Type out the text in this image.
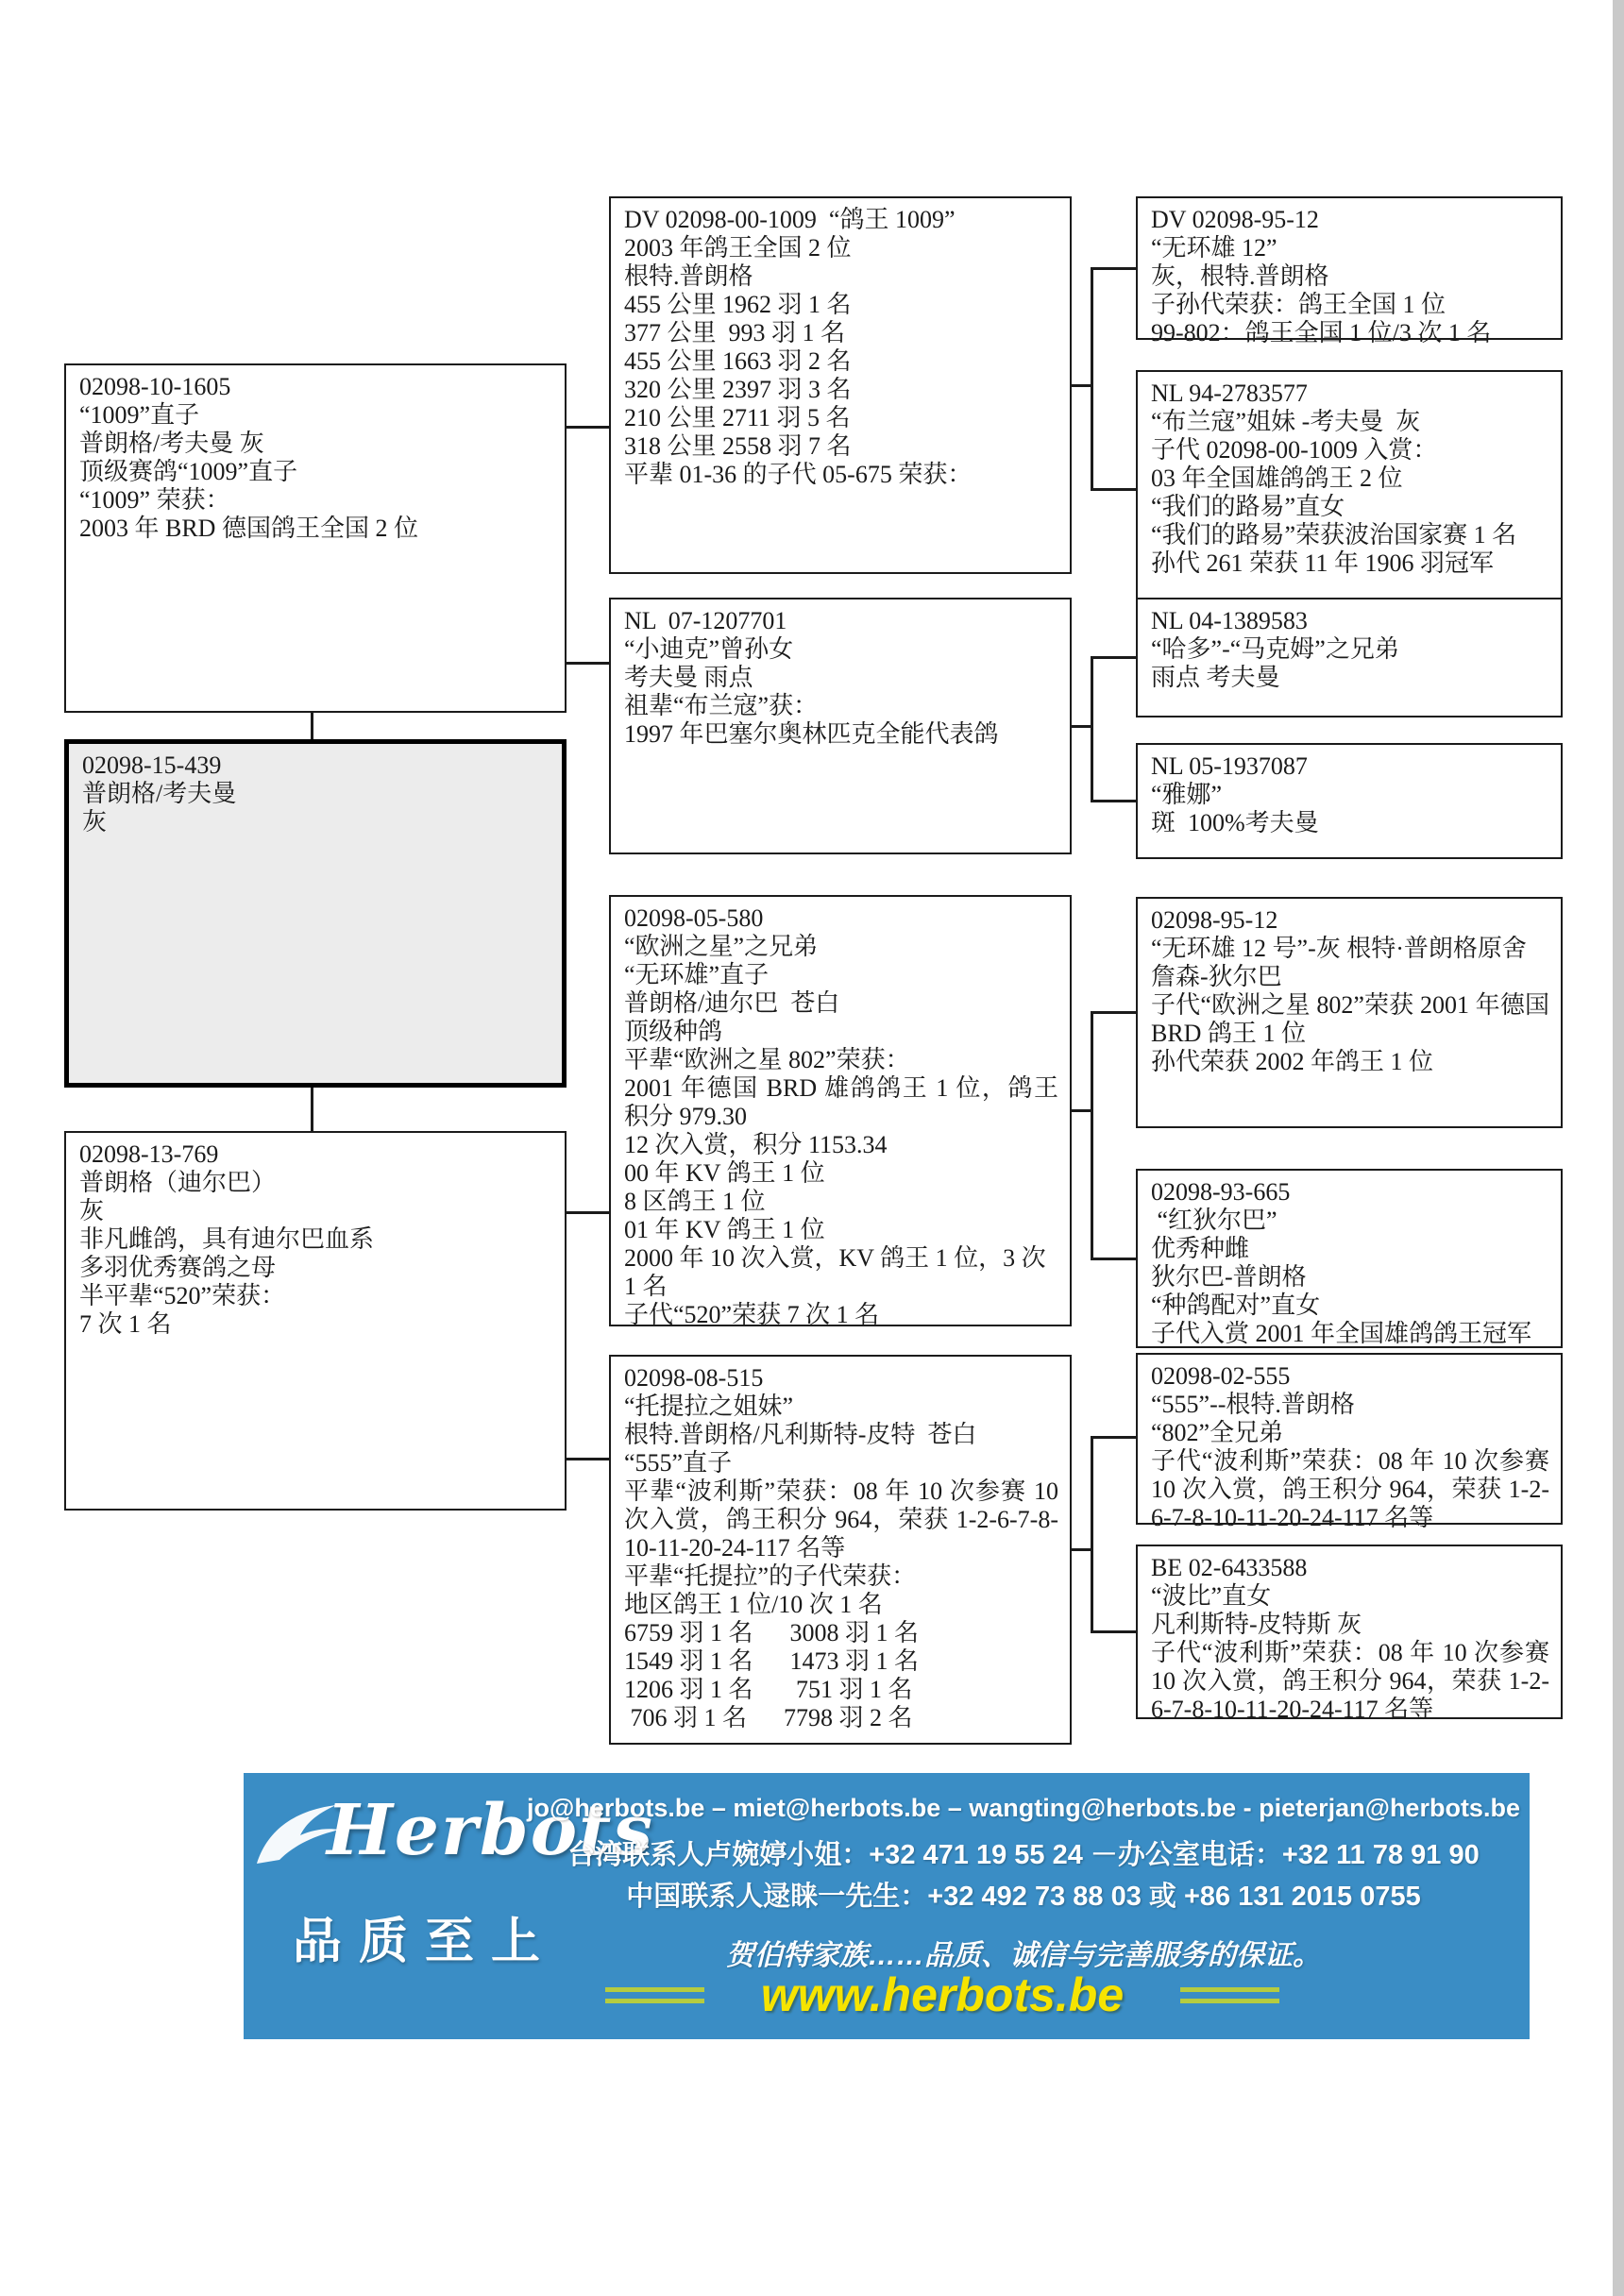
02098-10-1605
“1009”直子
普朗格/考夫曼 灰
顶级赛鸽“1009”直子
“1009” 荣获：
2003 年 BRD 德国鸽王全国 2 位
02098-15-439
普朗格/考夫曼
灰
02098-13-769
普朗格（迪尔巴）
灰
非凡雌鸽，具有迪尔巴血系
多羽优秀赛鸽之母
半平辈“520”荣获：
7 次 1 名
DV 02098-00-1009  “鸽王 1009”
2003 年鸽王全国 2 位
根特.普朗格
455 公里 1962 羽 1 名
377 公里  993 羽 1 名
455 公里 1663 羽 2 名
320 公里 2397 羽 3 名
210 公里 2711 羽 5 名
318 公里 2558 羽 7 名
平辈 01-36 的子代 05-675 荣获：
NL  07-1207701
“小迪克”曾孙女
考夫曼 雨点
祖辈“布兰寇”获：
1997 年巴塞尔奥林匹克全能代表鸽
02098-05-580
“欧洲之星”之兄弟
“无环雄”直子
普朗格/迪尔巴  苍白
顶级种鸽
平辈“欧洲之星 802”荣获：
2001 年德国 BRD 雄鸽鸽王 1 位，鸽王积分 979.30
12 次入赏，积分 1153.34
00 年 KV 鸽王 1 位
8 区鸽王 1 位
01 年 KV 鸽王 1 位
2000 年 10 次入赏，KV 鸽王 1 位，3 次 1 名
子代“520”荣获 7 次 1 名
02098-08-515
“托提拉之姐妹”
根特.普朗格/凡利斯特-皮特  苍白
“555”直子
平辈“波利斯”荣获：08 年 10 次参赛 10 次入赏，鸽王积分 964，荣获 1-2-6-7-8-10-11-20-24-117 名等
平辈“托提拉”的子代荣获：
地区鸽王 1 位/10 次 1 名
6759 羽 1 名      3008 羽 1 名
1549 羽 1 名      1473 羽 1 名
1206 羽 1 名       751 羽 1 名
706 羽 1 名      7798 羽 2 名
DV 02098-95-12
“无环雄 12”
灰，根特.普朗格
子孙代荣获：鸽王全国 1 位
99-802：鸽王全国 1 位/3 次 1 名
NL 94-2783577
“布兰寇”姐妹 -考夫曼  灰
子代 02098-00-1009 入赏：
03 年全国雄鸽鸽王 2 位
“我们的路易”直女
“我们的路易”荣获波治国家赛 1 名
孙代 261 荣获 11 年 1906 羽冠军
NL 04-1389583
“哈多”-“马克姆”之兄弟
雨点 考夫曼
NL 05-1937087
“雅娜”
斑  100%考夫曼
02098-95-12
“无环雄 12 号”-灰 根特·普朗格原舍
詹森-狄尔巴
子代“欧洲之星 802”荣获 2001 年德国 BRD 鸽王 1 位
孙代荣获 2002 年鸽王 1 位
02098-93-665
“红狄尔巴”
优秀种雌
狄尔巴-普朗格
“种鸽配对”直女
子代入赏 2001 年全国雄鸽鸽王冠军
02098-02-555
“555”--根特.普朗格
“802”全兄弟
子代“波利斯”荣获：08 年 10 次参赛 10 次入赏，鸽王积分 964，荣获 1-2-6-7-8-10-11-20-24-117 名等
BE 02-6433588
“波比”直女
凡利斯特-皮特斯 灰
子代“波利斯”荣获：08 年 10 次参赛 10 次入赏，鸽王积分 964，荣获 1-2-6-7-8-10-11-20-24-117 名等
Herbots
品质至上
jo@herbots.be – miet@herbots.be – wangting@herbots.be - pieterjan@herbots.be
台湾联系人卢婉婷小姐：+32 471 19 55 24 －办公室电话：+32 11 78 91 90
中国联系人逯睐一先生：+32 492 73 88 03 或 +86 131 2015 0755
贺伯特家族……品质、诚信与完善服务的保证。
www.herbots.be
